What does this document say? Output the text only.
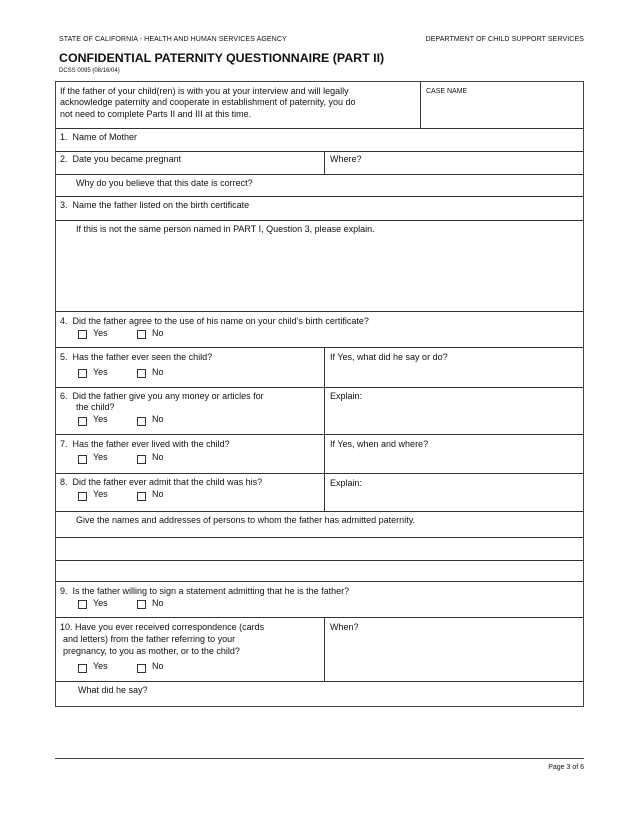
STATE OF CALIFORNIA - HEALTH AND HUMAN SERVICES AGENCY	DEPARTMENT OF CHILD SUPPORT SERVICES
CONFIDENTIAL PATERNITY QUESTIONNAIRE (PART II)
DCSS 0095 (08/16/04)
If the father of your child(ren) is with you at your interview and will legally
acknowledge paternity and cooperate in establishment of paternity, you do
not need to complete Parts II and III at this time.
CASE NAME
1.  Name of Mother
2.  Date you became pregnant	Where?
Why do you believe that this date is correct?
3.  Name the father listed on the birth certificate
If this is not the same person named in PART I, Question 3, please explain.
4.  Did the father agree to the use of his name on your child's birth certificate?
Yes	No
5.  Has the father ever seen the child?	If Yes, what did he say or do?
Yes	No
6.  Did the father give you any money or articles for
the child?
Explain:
Yes	No
7.  Has the father ever lived with the child?	If Yes, when and where?
Yes	No
8.  Did the father ever admit that the child was his?	Explain:
Yes	No
Give the names and addresses of persons to whom the father has admitted paternity.
9.  Is the father willing to sign a statement admitting that he is the father?
Yes	No
10. Have you ever received correspondence (cards
and letters) from the father referring to your
pregnancy, to you as mother, or to the child?
When?
Yes	No
What did he say?
Page 3 of 6
